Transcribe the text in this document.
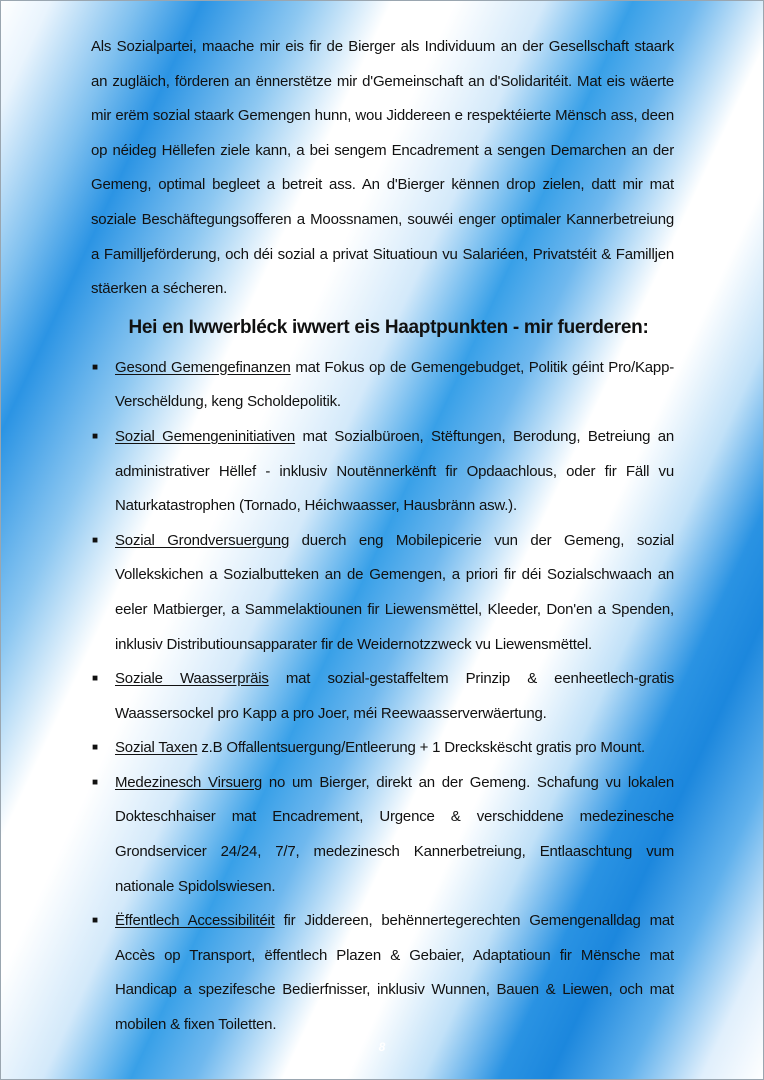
Als Sozialpartei, maache mir eis fir de Bierger als Individuum an der Gesellschaft staark an zugläich, förderen an ënnerstëtze mir d'Gemeinschaft an d'Solidaritéit. Mat eis wäerte mir erëm sozial staark Gemengen hunn, wou Jiddereen e respektéierte Mënsch ass, deen op néideg Hëllefen ziele kann, a bei sengem Encadrement a sengen Demarchen an der Gemeng, optimal begleet a betreit ass. An d'Bierger kënnen drop zielen, datt mir mat soziale Beschäftegungsofferen a Moossnamen, souwéi enger optimaler Kannerbetreiung a Familljeförderung, och déi sozial a privat Situatioun vu Salariéen, Privatstéit & Familljen stäerken a sécheren.

Hei en Iwwerbléck iwwert eis Haaptpunkten - mir fuerderen:
■ Gesond Gemengefinanzen mat Fokus op de Gemengebudget, Politik géint Pro/Kapp-Verschëldung, keng Scholdepolitik.
■ Sozial Gemengeninitiativen mat Sozialbüroen, Stëftungen, Berodung, Betreiung an administrativer Hëllef - inklusiv Noutënnerkënft fir Opdaachlous, oder fir Fäll vu Naturkatastrophen (Tornado, Héichwaasser, Hausbränn asw.).
■ Sozial Grondversuergung duerch eng Mobilepicerie vun der Gemeng, sozial Vollekskichen a Sozialbutteken an de Gemengen, a priori fir déi Sozialschwaach an eeler Matbierger, a Sammelaktiounen fir Liewensmëttel, Kleeder, Don'en a Spenden, inklusiv Distributiounsapparater fir de Weidernotzzweck vu Liewensmëttel.
■ Soziale Waasserpräis mat sozial-gestaffeltem Prinzip & eenheetlech-gratis Waassersockel pro Kapp a pro Joer, méi Reewaasserverwäertung.
■ Sozial Taxen z.B Offallentsuergung/Entleerung + 1 Dreckskëscht gratis pro Mount.
■ Medezinesch Virsuerg no um Bierger, direkt an der Gemeng. Schafung vu lokalen Dokteschhaiser mat Encadrement, Urgence & verschiddene medezinesche Grondservicer 24/24, 7/7, medezinesch Kannerbetreiung, Entlaaschtung vum nationale Spidolswiesen.
■ Ëffentlech Accessibilitéit fir Jiddereen, behënnertegerechten Gemengenalldag mat Accès op Transport, ëffentlech Plazen & Gebaier, Adaptatioun fir Mënsche mat Handicap a spezifesche Bedierfnisser, inklusiv Wunnen, Bauen & Liewen, och mat mobilen & fixen Toiletten.
8
